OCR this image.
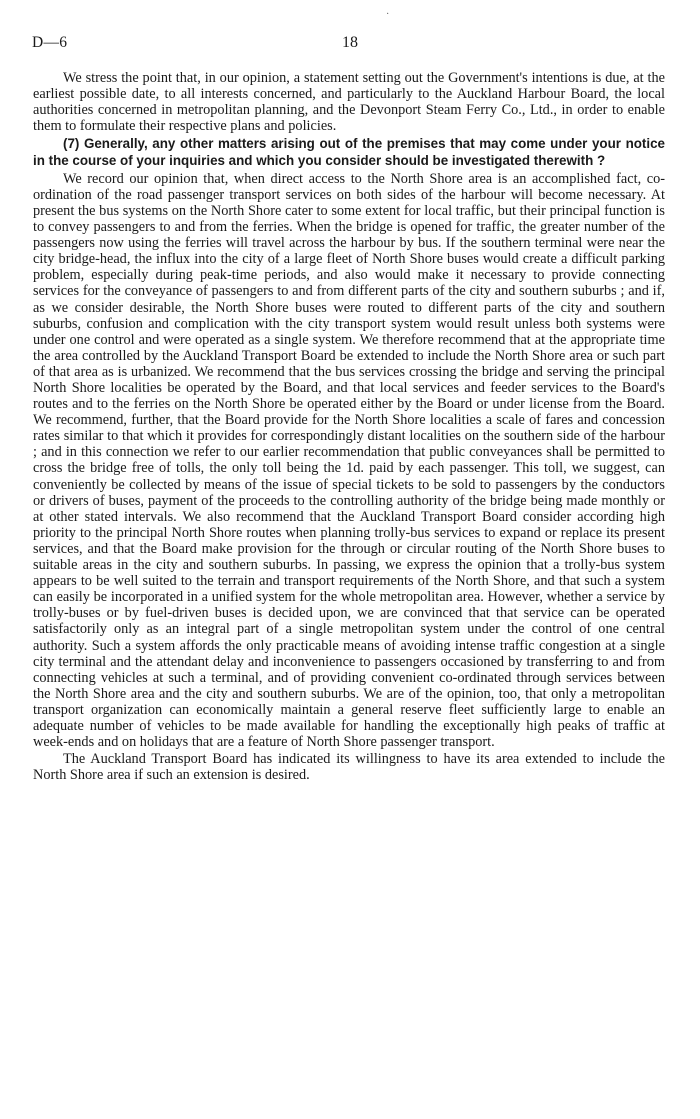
·
D—6	18

We stress the point that, in our opinion, a statement setting out the Government's intentions is due, at the earliest possible date, to all interests concerned, and particularly to the Auckland Harbour Board, the local authorities concerned in metropolitan planning, and the Devonport Steam Ferry Co., Ltd., in order to enable them to formulate their respective plans and policies.

(7) Generally, any other matters arising out of the premises that may come under your notice in the course of your inquiries and which you consider should be investigated therewith ?

We record our opinion that, when direct access to the North Shore area is an accomplished fact, co-ordination of the road passenger transport services on both sides of the harbour will become necessary. At present the bus systems on the North Shore cater to some extent for local traffic, but their principal function is to convey passengers to and from the ferries. When the bridge is opened for traffic, the greater number of the passengers now using the ferries will travel across the harbour by bus. If the southern terminal were near the city bridge-head, the influx into the city of a large fleet of North Shore buses would create a difficult parking problem, especially during peak-time periods, and also would make it necessary to provide connecting services for the conveyance of passengers to and from different parts of the city and southern suburbs ; and if, as we consider desirable, the North Shore buses were routed to different parts of the city and southern suburbs, confusion and complication with the city transport system would result unless both systems were under one control and were operated as a single system. We therefore recommend that at the appropriate time the area controlled by the Auckland Transport Board be extended to include the North Shore area or such part of that area as is urbanized. We recommend that the bus services crossing the bridge and serving the principal North Shore localities be operated by the Board, and that local services and feeder services to the Board's routes and to the ferries on the North Shore be operated either by the Board or under license from the Board. We recommend, further, that the Board provide for the North Shore localities a scale of fares and concession rates similar to that which it provides for correspondingly distant localities on the southern side of the harbour ; and in this connection we refer to our earlier recommendation that public conveyances shall be permitted to cross the bridge free of tolls, the only toll being the 1d. paid by each passenger. This toll, we suggest, can conveniently be collected by means of the issue of special tickets to be sold to passengers by the conductors or drivers of buses, payment of the proceeds to the controlling authority of the bridge being made monthly or at other stated intervals. We also recommend that the Auckland Transport Board consider according high priority to the principal North Shore routes when planning trolly-bus services to expand or replace its present services, and that the Board make provision for the through or circular routing of the North Shore buses to suitable areas in the city and southern suburbs. In passing, we express the opinion that a trolly-bus system appears to be well suited to the terrain and transport requirements of the North Shore, and that such a system can easily be incorporated in a unified system for the whole metropolitan area. However, whether a service by trolly-buses or by fuel-driven buses is decided upon, we are convinced that that service can be operated satisfactorily only as an integral part of a single metropolitan system under the control of one central authority. Such a system affords the only practicable means of avoiding intense traffic congestion at a single city terminal and the attendant delay and inconvenience to passengers occasioned by transferring to and from connecting vehicles at such a terminal, and of providing convenient co-ordinated through services between the North Shore area and the city and southern suburbs. We are of the opinion, too, that only a metropolitan transport organization can economically maintain a general reserve fleet sufficiently large to enable an adequate number of vehicles to be made available for handling the exceptionally high peaks of traffic at week-ends and on holidays that are a feature of North Shore passenger transport.

The Auckland Transport Board has indicated its willingness to have its area extended to include the North Shore area if such an extension is desired.
